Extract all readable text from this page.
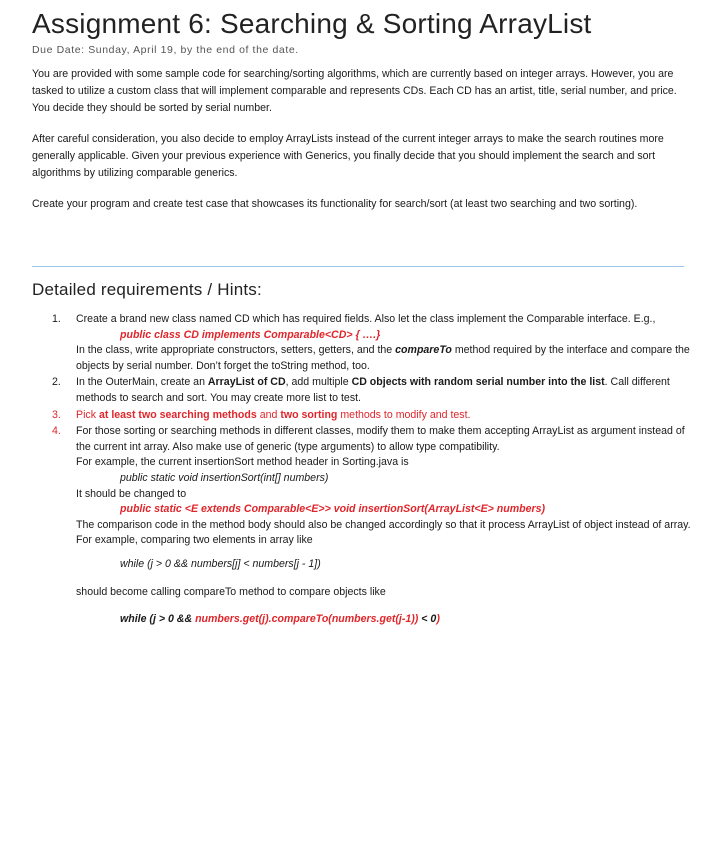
Assignment 6: Searching & Sorting ArrayList
Due Date: Sunday, April 19, by the end of the date.

You are provided with some sample code for searching/sorting algorithms, which are currently based on integer arrays. However, you are tasked to utilize a custom class that will implement comparable and represents CDs. Each CD has an artist, title, serial number, and price. You decide they should be sorted by serial number.

After careful consideration, you also decide to employ ArrayLists instead of the current integer arrays to make the search routines more generally applicable. Given your previous experience with Generics, you finally decide that you should implement the search and sort algorithms by utilizing comparable generics.

Create your program and create test case that showcases its functionality for search/sort (at least two searching and two sorting).

Detailed requirements / Hints:
1. Create a brand new class named CD which has required fields. Also let the class implement the Comparable interface. E.g.,
public class CD implements Comparable<CD> { ….}
In the class, write appropriate constructors, setters, getters, and the compareTo method required by the interface and compare the objects by serial number. Don’t forget the toString method, too.
2. In the OuterMain, create an ArrayList of CD, add multiple CD objects with random serial number into the list. Call different methods to search and sort. You may create more list to test.
3. Pick at least two searching methods and two sorting methods to modify and test.
4. For those sorting or searching methods in different classes, modify them to make them accepting ArrayList as argument instead of the current int array. Also make use of generic (type arguments) to allow type compatibility.
For example, the current insertionSort method header in Sorting.java is
public static void insertionSort(int[] numbers)
It should be changed to
public static <E extends Comparable<E>> void insertionSort(ArrayList<E> numbers)
The comparison code in the method body should also be changed accordingly so that it process ArrayList of object instead of array. For example, comparing two elements in array like
while (j > 0 && numbers[j] < numbers[j - 1])
should become calling compareTo method to compare objects like
while (j > 0 && numbers.get(j).compareTo(numbers.get(j-1)) < 0)
